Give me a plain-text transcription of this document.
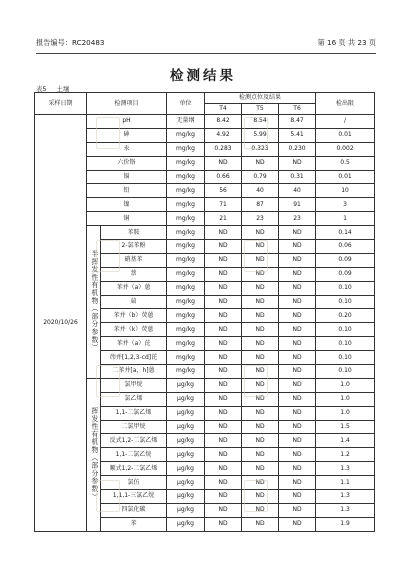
报告编号：RC20483	第 16 页 共 23 页
检测结果
表5 土壤
采样日期	检测项目		单位	检测点位及结果			检出限
				T4	T5	T6	
2020/10/26	pH		无量纲	8.42	8.54	8.47	/
	砷		mg/kg	4.92	5.99	5.41	0.01
	汞		mg/kg	0.283	0.323	0.230	0.002
	六价铬		mg/kg	ND	ND	ND	0.5
	镉		mg/kg	0.66	0.79	0.31	0.01
	铅		mg/kg	56	40	40	10
	镍		mg/kg	71	87	91	3
	铜		mg/kg	21	23	23	1
	半挥发性有机物（部分参数）	苯胺	mg/kg	ND	ND	ND	0.14
		2-氯苯酚	mg/kg	ND	ND	ND	0.06
		硝基苯	mg/kg	ND	ND	ND	0.09
		萘	mg/kg	ND	ND	ND	0.09
		苯并（a）蒽	mg/kg	ND	ND	ND	0.10
		䓛	mg/kg	ND	ND	ND	0.10
		苯并（b）荧蒽	mg/kg	ND	ND	ND	0.20
		苯并（k）荧蒽	mg/kg	ND	ND	ND	0.10
		苯并（a）芘	mg/kg	ND	ND	ND	0.10
		茚并[1,2,3-cd]芘	mg/kg	ND	ND	ND	0.10
		二苯并[a，h]蒽	mg/kg	ND	ND	ND	0.10
	挥发性有机物（部分参数）	氯甲烷	μg/kg	ND	ND	ND	1.0
		氯乙烯	μg/kg	ND	ND	ND	1.0
		1,1-二氯乙烯	μg/kg	ND	ND	ND	1.0
		二氯甲烷	μg/kg	ND	ND	ND	1.5
		反式1,2-二氯乙烯	μg/kg	ND	ND	ND	1.4
		1,1-二氯乙烷	μg/kg	ND	ND	ND	1.2
		顺式1,2-二氯乙烯	μg/kg	ND	ND	ND	1.3
		氯仿	μg/kg	ND	ND	ND	1.1
		1,1,1-三氯乙烷	μg/kg	ND	ND	ND	1.3
		四氯化碳	μg/kg	ND	ND	ND	1.3
		苯	μg/kg	ND	ND	ND	1.9
